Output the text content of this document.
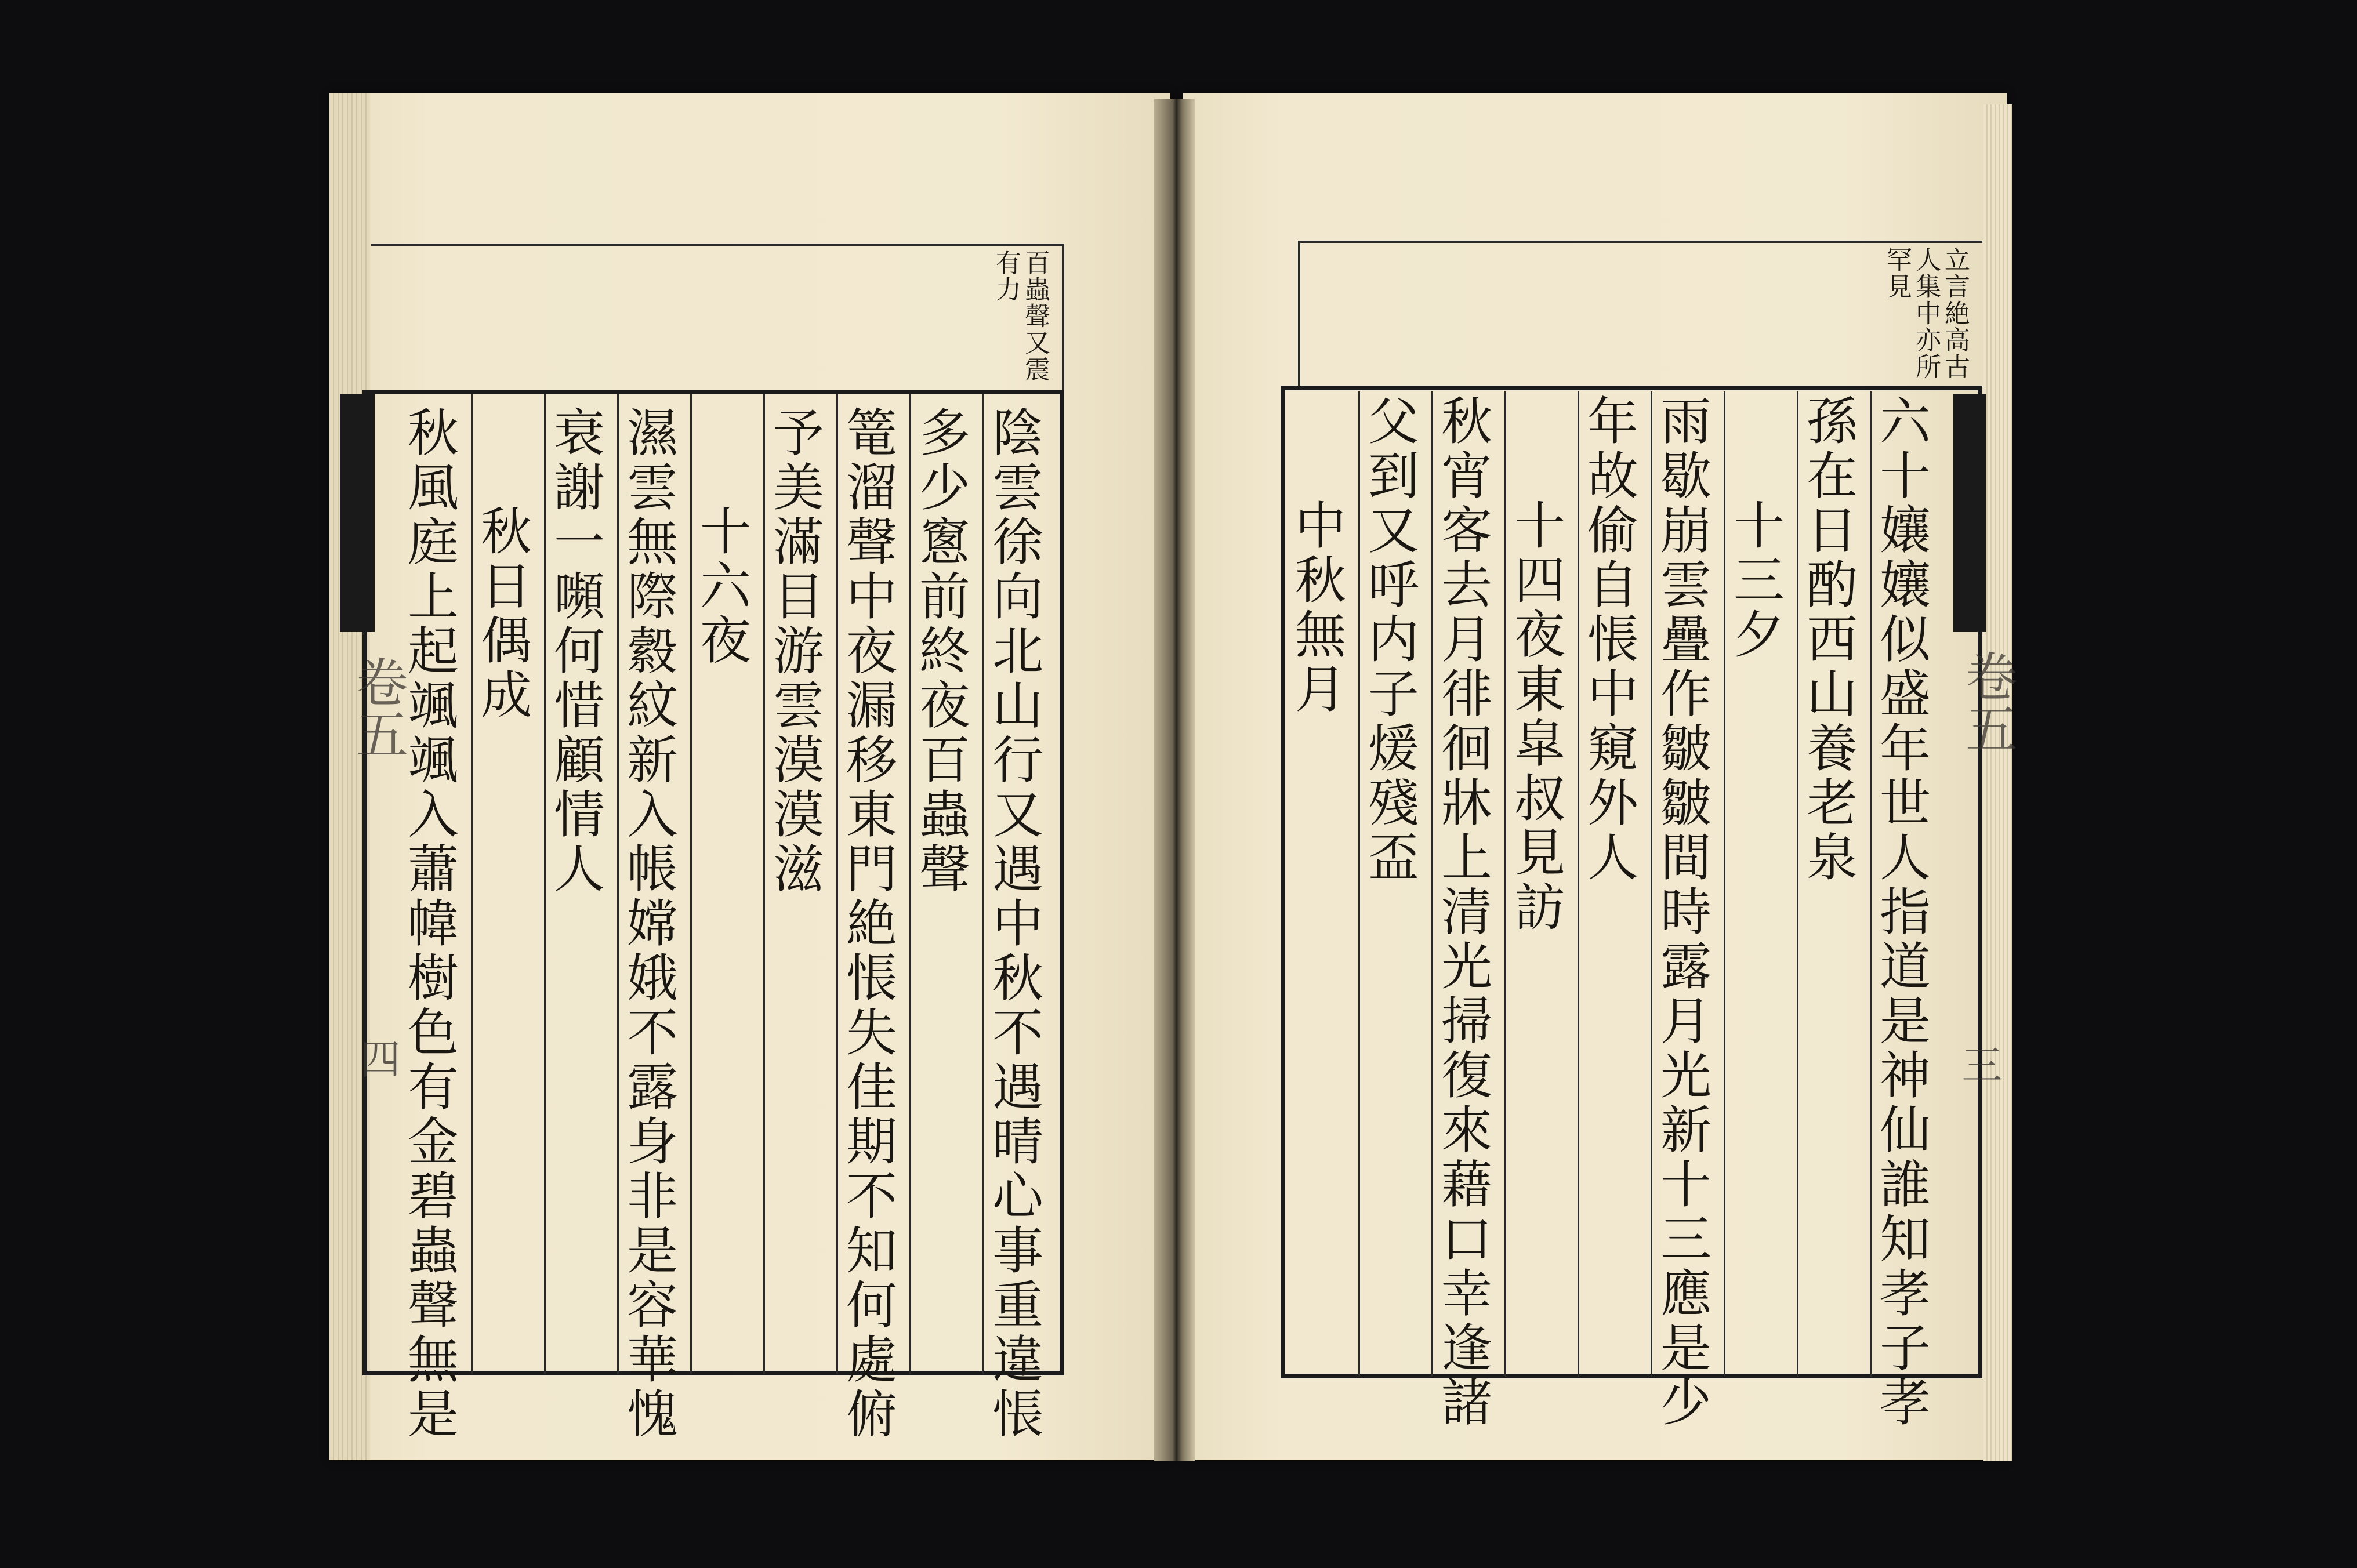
百蟲聲又震
有力
卷五
四	陰雲徐向北山行又遇中秋不遇晴心事重違悵
多少窻前終夜百蟲聲
篭溜聲中夜漏移東門絶悵失佳期不知何處俯
予美滿目游雲漠漠滋
十六夜
濕雲無際縠紋新入帳嫦娥不露身非是容華愧
衰謝一嚬何惜顧情人
秋日偶成
秋風庭上起颯颯入蕭幃樹色有金碧蟲聲無是
立言絶高古
人集中亦所
罕見
卷五
三
六十孃孃似盛年世人指道是神仙誰知孝子孝
孫在日酌西山養老泉
十三夕
雨歇崩雲疊作皺皺間時露月光新十三應是少
年故偷自悵中窺外人
十四夜東皐叔見訪
秋宵客去月徘徊牀上清光掃復來藉口幸逢諸
父到又呼内子煖殘盃
中秋無月
